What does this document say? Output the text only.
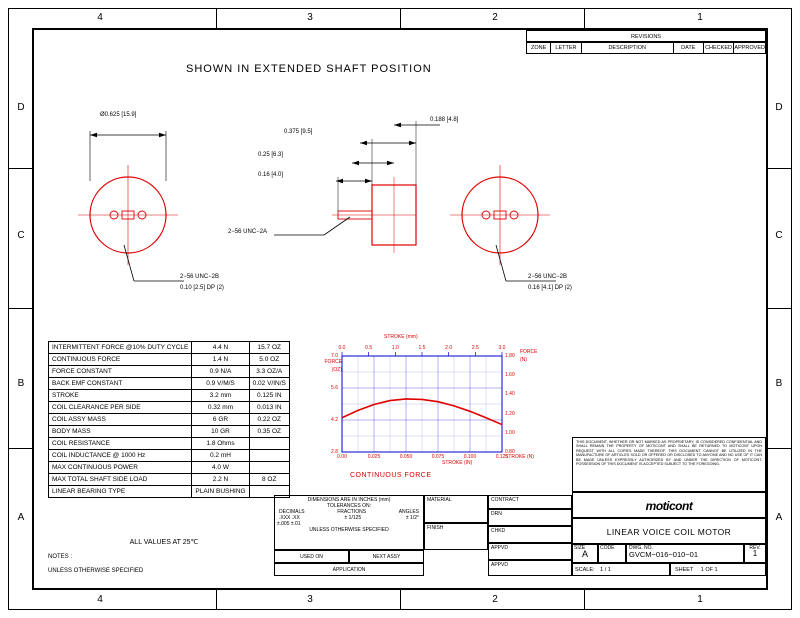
4	3	2	1
4	3	2	1
D
C
B
A
D
C
B
A
SHOWN IN EXTENDED SHAFT POSITION
Ø0.625 [15.9]
0.375 [9.5]
0.25 [6.3]
0.16 [4.0]
0.188 [4.8]
2−56 UNC−2A
2−56 UNC−2B
0.10 [2.5] DP (2)
2−56 UNC−2B
0.16 [4.1] DP (2)
INTERMITTENT FORCE @10% DUTY CYCLE	4.4 N	15.7 OZ
CONTINUOUS FORCE	1.4 N	5.0 OZ
FORCE CONSTANT	0.9 N/A	3.3 OZ/A
BACK EMF CONSTANT	0.9 V/M/S	0.02 V/IN/S
STROKE	3.2 mm	0.125 IN
COIL CLEARANCE PER SIDE	0.32 mm	0.013 IN
COIL ASSY MASS	6 GR	0.22 OZ
BODY MASS	10 GR	0.35 OZ
COIL RESISTANCE	1.8 Ohms	
COIL INDUCTANCE @ 1000 Hz	0.2 mH	
MAX CONTINUOUS POWER	4.0 W	
MAX TOTAL SHAFT SIDE LOAD	2.2 N	8 OZ
LINEAR BEARING TYPE	PLAIN BUSHING	
ALL VALUES AT 25℃
NOTES :
UNLESS OTHERWISE SPECIFIED
FORCE
(OZ)
STROKE (mm)
FORCE
(N)
0.00	0.025	0.050	0.075	0.100	0.125
2.8
4.2
5.6
7.0
0.0	0.5	1.0	1.5	2.0	2.5	3.0
0.80
1.00
1.20
1.40
1.60
1.80
STROKE (N)
STROKE (IN)
CONTINUOUS FORCE
REVISIONS
ZONE	LETTER	DESCRIPTION	DATE	CHECKED	APPROVED
THIS DOCUMENT, WHETHER OR NOT MARKED AS PROPRIETARY, IS CONSIDERED CONFIDENTIAL AND SHALL REMAIN THE PROPERTY OF MOTICONT AND SHALL BE RETURNED TO MOTICONT UPON REQUEST WITH ALL COPIES MADE THEREOF. THIS DOCUMENT CANNOT BE UTILIZED IN THE MANUFACTURE OF ARTICLES SOLD OR OFFERED OR DISCLOSED TO ANYONE AND NO USE OF IT CAN BE MADE UNLESS EXPRESSLY AUTHORIZED BY AND UNDER THE DIRECTION OF MOTICONT. POSSESSION OF THIS DOCUMENT IS ACCEPTED SUBJECT TO THE FOREGOING.
DIMENSIONS ARE IN INCHES (mm)
TOLERANCES ON:
DECIMALS	FRACTIONS	ANGLES
.XXX .XX	± 1/125	± 1/2°
±.005 ±.01
UNLESS OTHERWISE SPECIFIED
MATERIAL
FINISH
USED ON	NEXT ASSY
APPLICATION
CONTRACT
DRN
CHKD
APPVD
APPVD
moticont
LINEAR VOICE COIL MOTOR
SIZE
A
CODE	DWG. NO.
GVCM−016−010−01
REV.
1
SCALE: 1 / 1	SHEET 1 OF 1
